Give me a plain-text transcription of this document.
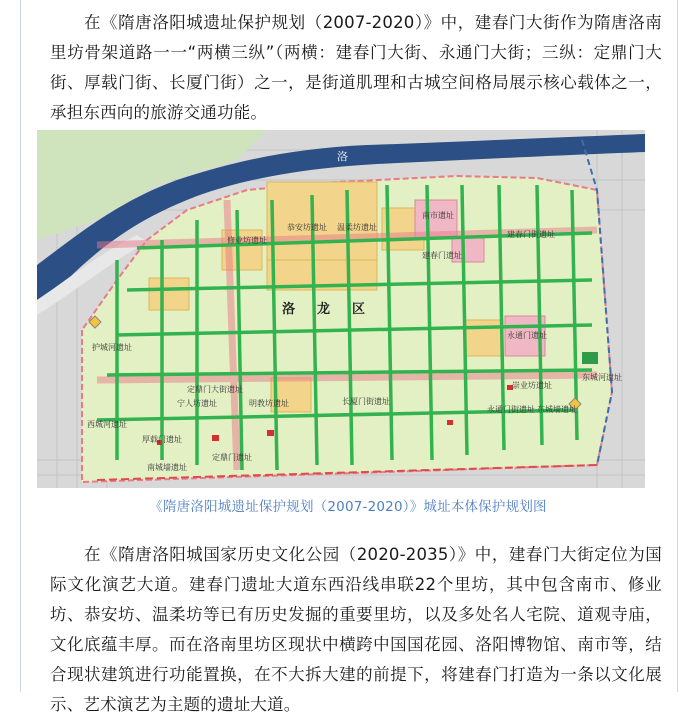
在《隋唐洛阳城遗址保护规划（2007-2020）》中，建春门大街作为隋唐洛南里坊骨架道路一一“两横三纵”（两横：建春门大街、永通门大街；三纵：定鼎门大街、厚载门街、长厦门街）之一，是街道肌理和古城空间格局展示核心载体之一，承担东西向的旅游交通功能。

洛
修业坊遗址
恭安坊遗址 温柔坊遗址
南市遗址
建春门街遗址
建春门遗址
护城河遗址
永通门遗址
东城河遗址
长厦门街遗址
崇业坊遗址
定鼎门大街遗址
宁人坊遗址	明教坊遗址
西城河遗址
厚载门遗址
定鼎门遗址
南城墙遗址
永通门街遗址 东城墙遗址
洛 龙 区
《隋唐洛阳城遗址保护规划（2007-2020）》城址本体保护规划图

在《隋唐洛阳城国家历史文化公园（2020-2035）》中，建春门大街定位为国际文化演艺大道。建春门遗址大道东西沿线串联22个里坊，其中包含南市、修业坊、恭安坊、温柔坊等已有历史发掘的重要里坊，以及多处名人宅院、道观寺庙，文化底蕴丰厚。而在洛南里坊区现状中横跨中国国花园、洛阳博物馆、南市等，结合现状建筑进行功能置换，在不大拆大建的前提下，将建春门打造为一条以文化展示、艺术演艺为主题的遗址大道。
